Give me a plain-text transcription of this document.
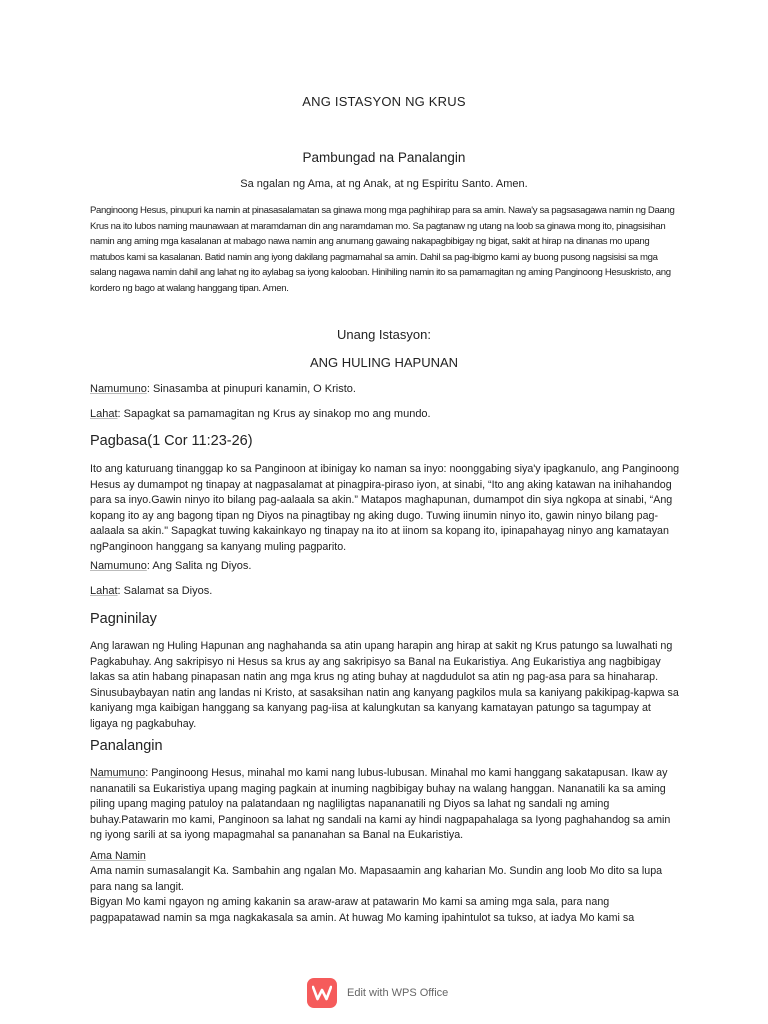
ANG ISTASYON NG KRUS
Pambungad na Panalangin
Sa ngalan ng Ama, at ng Anak, at ng Espiritu Santo. Amen.
Panginoong Hesus, pinupuri ka namin at pinasasalamatan sa ginawa mong mga paghihirap para sa amin. Nawa'y sa pagsasagawa namin ng Daang Krus na ito lubos naming maunawaan at maramdaman din ang naramdaman mo. Sa pagtanaw ng utang na loob sa ginawa mong ito, pinagsisihan namin ang aming mga kasalanan at mabago nawa namin ang anumang gawaing nakapagbibigay ng bigat, sakit at hirap na dinanas mo upang matubos kami sa kasalanan. Batid namin ang iyong dakilang pagmamahal sa amin. Dahil sa pag-ibigmo kami ay buong pusong nagsisisi sa mga salang nagawa namin dahil ang lahat ng ito aylabag sa iyong kalooban. Hinihiling namin ito sa pamamagitan ng aming Panginoong Hesuskristo, ang kordero ng bago at walang hanggang tipan. Amen.
Unang Istasyon:
ANG HULING HAPUNAN
Namumuno: Sinasamba at pinupuri kanamin, O Kristo.
Lahat: Sapagkat sa pamamagitan ng Krus ay sinakop mo ang mundo.
Pagbasa(1 Cor 11:23-26)
Ito ang katuruang tinanggap ko sa Panginoon at ibinigay ko naman sa inyo: noonggabing siya'y ipagkanulo, ang Panginoong Hesus ay dumampot ng tinapay at nagpasalamat at pinagpira-piraso iyon, at sinabi, “Ito ang aking katawan na inihahandog para sa inyo.Gawin ninyo ito bilang pag-aalaala sa akin.” Matapos maghapunan, dumampot din siya ngkopa at sinabi, “Ang kopang ito ay ang bagong tipan ng Diyos na pinagtibay ng aking dugo. Tuwing iinumin ninyo ito, gawin ninyo bilang pag-aalaala sa akin." Sapagkat tuwing kakainkayo ng tinapay na ito at iinom sa kopang ito, ipinapahayag ninyo ang kamatayan ngPanginoon hanggang sa kanyang muling pagparito.
Namumuno: Ang Salita ng Diyos.
Lahat: Salamat sa Diyos.
Pagninilay
Ang larawan ng Huling Hapunan ang naghahanda sa atin upang harapin ang hirap at sakit ng Krus patungo sa luwalhati ng Pagkabuhay. Ang sakripisyo ni Hesus sa krus ay ang sakripisyo sa Banal na Eukaristiya. Ang Eukaristiya ang nagbibigay lakas sa atin habang pinapasan natin ang mga krus ng ating buhay at nagdudulot sa atin ng pag-asa para sa hinaharap. Sinusubaybayan natin ang landas ni Kristo, at sasaksihan natin ang kanyang pagkilos mula sa kaniyang pakikipag-kapwa sa kaniyang mga kaibigan hanggang sa kanyang pag-iisa at kalungkutan sa kanyang kamatayan patungo sa tagumpay at ligaya ng pagkabuhay.
Panalangin
Namumuno: Panginoong Hesus, minahal mo kami nang lubus-lubusan. Minahal mo kami hanggang sakatapusan. Ikaw ay nananatili sa Eukaristiya upang maging pagkain at inuming nagbibigay buhay na walang hanggan. Nananatili ka sa aming piling upang maging patuloy na palatandaan ng nagliligtas napananatili ng Diyos sa lahat ng sandali ng aming buhay.Patawarin mo kami, Panginoon sa lahat ng sandali na kami ay hindi nagpapahalaga sa Iyong paghahandog sa amin ng iyong sarili at sa iyong mapagmahal sa pananahan sa Banal na Eukaristiya.
Ama Namin
Ama namin sumasalangit Ka. Sambahin ang ngalan Mo. Mapasaamin ang kaharian Mo. Sundin ang loob Mo dito sa lupa para nang sa langit.
Bigyan Mo kami ngayon ng aming kakanin sa araw-araw at patawarin Mo kami sa aming mga sala, para nang pagpapatawad namin sa mga nagkakasala sa amin. At huwag Mo kaming ipahintulot sa tukso, at iadya Mo kami sa
Edit with WPS Office
